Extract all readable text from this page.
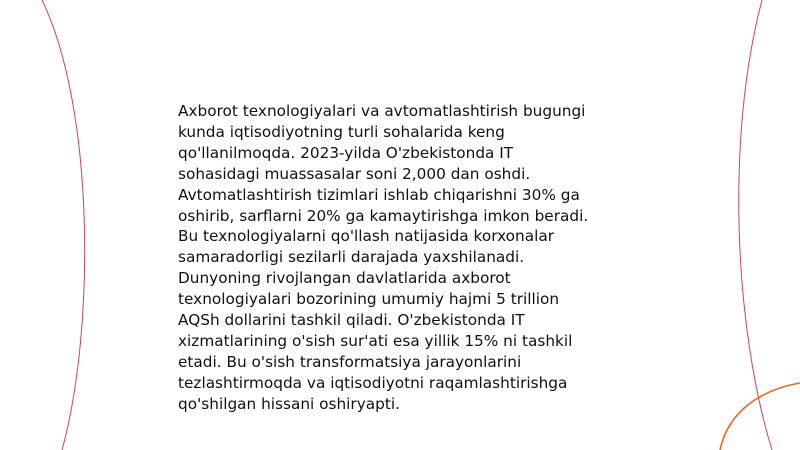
Axborot texnologiyalari va avtomatlashtirish bugungi
kunda iqtisodiyotning turli sohalarida keng
qo'llanilmoqda. 2023-yilda O'zbekistonda IT
sohasidagi muassasalar soni 2,000 dan oshdi.
Avtomatlashtirish tizimlari ishlab chiqarishni 30% ga
oshirib, sarflarni 20% ga kamaytirishga imkon beradi.
Bu texnologiyalarni qo'llash natijasida korxonalar
samaradorligi sezilarli darajada yaxshilanadi.
Dunyoning rivojlangan davlatlarida axborot
texnologiyalari bozorining umumiy hajmi 5 trillion
AQSh dollarini tashkil qiladi. O'zbekistonda IT
xizmatlarining o'sish sur'ati esa yillik 15% ni tashkil
etadi. Bu o'sish transformatsiya jarayonlarini
tezlashtirmoqda va iqtisodiyotni raqamlashtirishga
qo'shilgan hissani oshiryapti.
